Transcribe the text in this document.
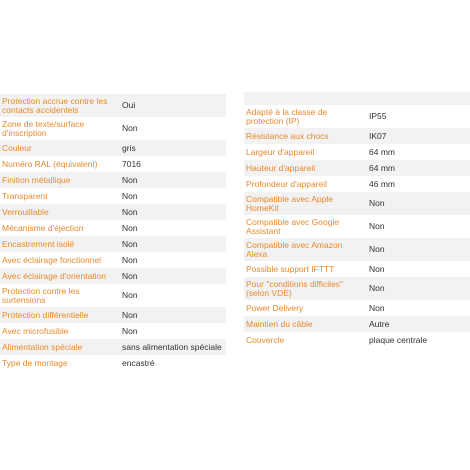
Protection accrue contre les contacts accidentels	Oui
Zone de texte/surface d'inscription	Non
Couleur	gris
Numéro RAL (équivalent)	7016
Finition métallique	Non
Transparent	Non
Verrouillable	Non
Mécanisme d'éjection	Non
Encastrement isolé	Non
Avec éclairage fonctionnel	Non
Avec éclairage d'orientation	Non
Protection contre les surtensions	Non
Protection différentielle	Non
Avec microfusible	Non
Alimentation spéciale	sans alimentation spéciale
Type de montage	encastré

Adapté à la classe de protection (IP)	IP55
Résistance aux chocs	IK07
Largeur d'appareil	64 mm
Hauteur d'appareil	64 mm
Profondeur d'appareil	46 mm
Compatible avec Apple HomeKit	Non
Compatible avec Google Assistant	Non
Compatible avec Amazon Alexa	Non
Possible support IFTTT	Non
Pour "conditions difficiles" (selon VDE)	Non
Power Delivery	Non
Maintien du câble	Autre
Couvercle	plaque centrale
